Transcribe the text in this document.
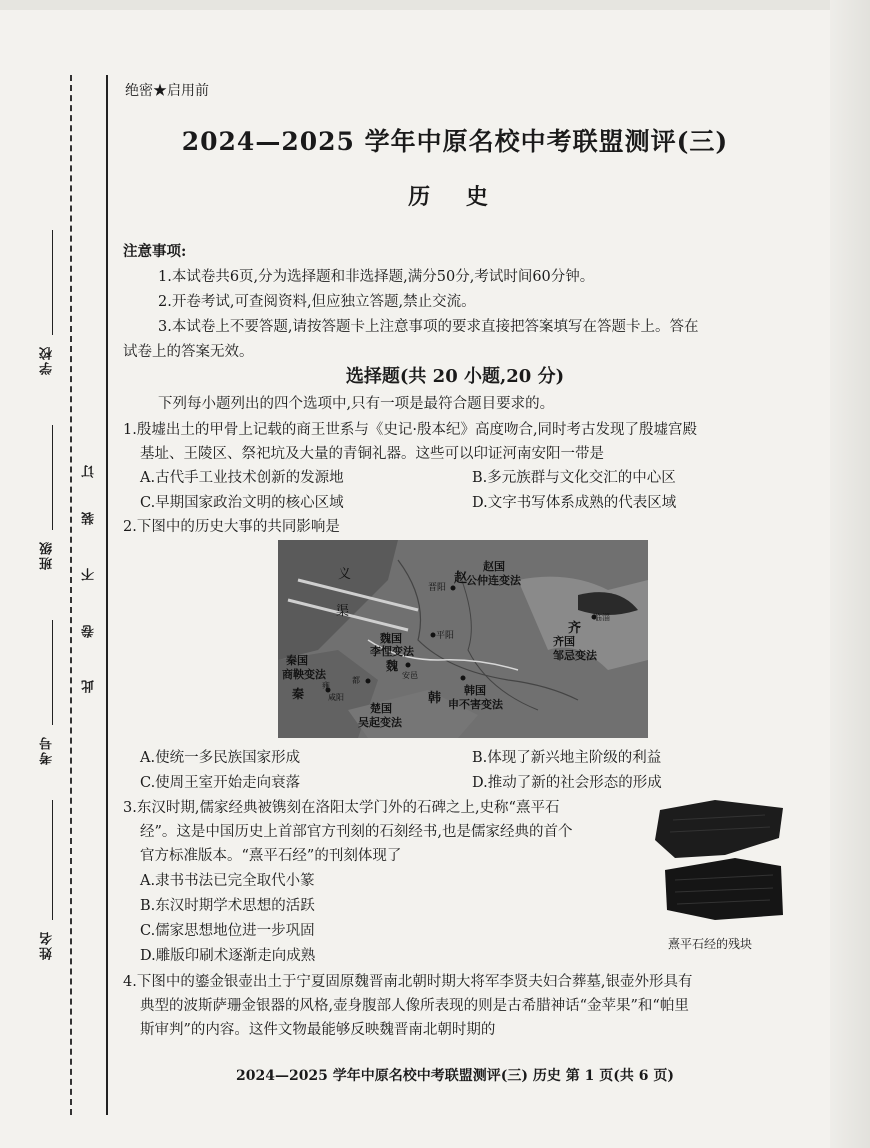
学校
班级
考号
姓名
订
装
不
卷
此
绝密★启用前
2024—2025 学年中原名校中考联盟测评(三)
历 史
注意事项:
1.本试卷共6页,分为选择题和非选择题,满分50分,考试时间60分钟。
2.开卷考试,可查阅资料,但应独立答题,禁止交流。
3.本试卷上不要答题,请按答题卡上注意事项的要求直接把答案填写在答题卡上。答在
试卷上的答案无效。
选择题(共 20 小题,20 分)
下列每小题列出的四个选项中,只有一项是最符合题目要求的。
1.殷墟出土的甲骨上记载的商王世系与《史记·殷本纪》高度吻合,同时考古发现了殷墟宫殿
基址、王陵区、祭祀坑及大量的青铜礼器。这些可以印证河南安阳一带是
A.古代手工业技术创新的发源地	B.多元族群与文化交汇的中心区
C.早期国家政治文明的核心区域	D.文字书写体系成熟的代表区域
2.下图中的历史大事的共同影响是
义
渠
晋阳
赵
赵国
公仲连变法
临淄
齐
齐国
邹忌变法
魏国
李悝变法
魏
平阳
安邑
秦国
商鞅变法
秦
雍
咸阳
都
韩
韩国
申不害变法
楚国
吴起变法
A.使统一多民族国家形成	B.体现了新兴地主阶级的利益
C.使周王室开始走向衰落	D.推动了新的社会形态的形成
3.东汉时期,儒家经典被镌刻在洛阳太学门外的石碑之上,史称“熹平石
经”。这是中国历史上首部官方刊刻的石刻经书,也是儒家经典的首个
官方标准版本。“熹平石经”的刊刻体现了
A.隶书书法已完全取代小篆
B.东汉时期学术思想的活跃
C.儒家思想地位进一步巩固
D.雕版印刷术逐渐走向成熟
熹平石经的残块
4.下图中的鎏金银壶出土于宁夏固原魏晋南北朝时期大将军李贤夫妇合葬墓,银壶外形具有
典型的波斯萨珊金银器的风格,壶身腹部人像所表现的则是古希腊神话“金苹果”和“帕里
斯审判”的内容。这件文物最能够反映魏晋南北朝时期的
2024—2025 学年中原名校中考联盟测评(三) 历史 第 1 页(共 6 页)
